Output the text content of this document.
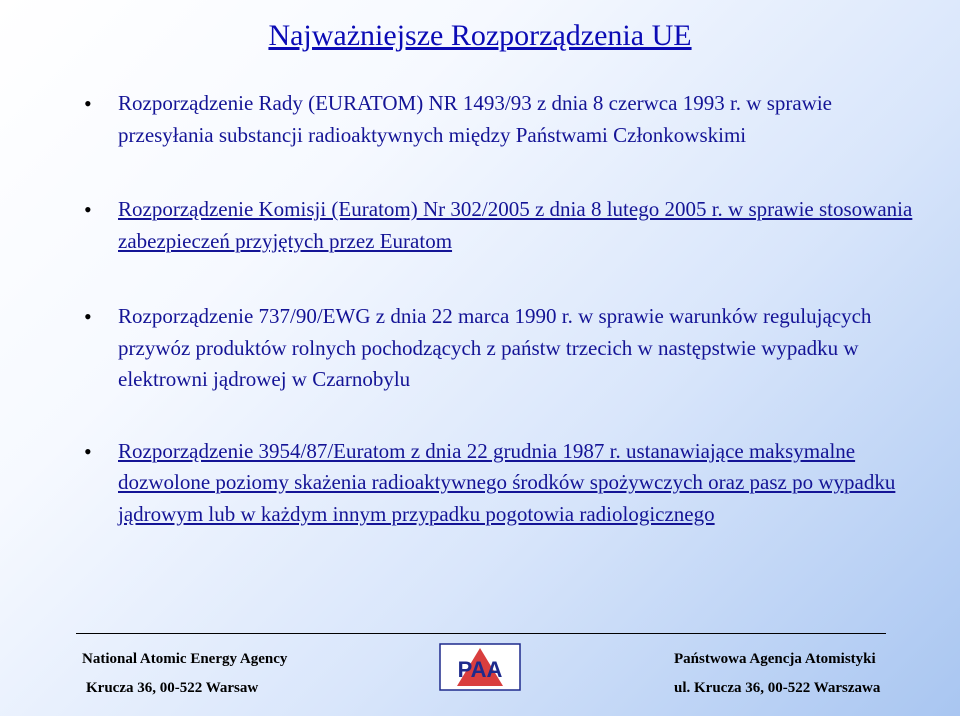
Najważniejsze Rozporządzenia UE
• Rozporządzenie Rady (EURATOM) NR 1493/93 z dnia 8 czerwca 1993 r. w sprawie przesyłania substancji radioaktywnych między Państwami Członkowskimi
• Rozporządzenie Komisji (Euratom) Nr 302/2005 z dnia 8 lutego 2005 r. w sprawie stosowania zabezpieczeń przyjętych przez Euratom
• Rozporządzenie 737/90/EWG z dnia 22 marca 1990 r. w sprawie warunków regulujących przywóz produktów rolnych pochodzących z państw trzecich w następstwie wypadku w elektrowni jądrowej w Czarnobylu
• Rozporządzenie 3954/87/Euratom z dnia 22 grudnia 1987 r. ustanawiające maksymalne dozwolone poziomy skażenia radioaktywnego środków spożywczych oraz pasz po wypadku jądrowym lub w każdym innym przypadku pogotowia radiologicznego
National Atomic Energy Agency
Krucza 36, 00-522 Warsaw
Państwowa Agencja Atomistyki
ul. Krucza 36, 00-522 Warszawa
PAA
